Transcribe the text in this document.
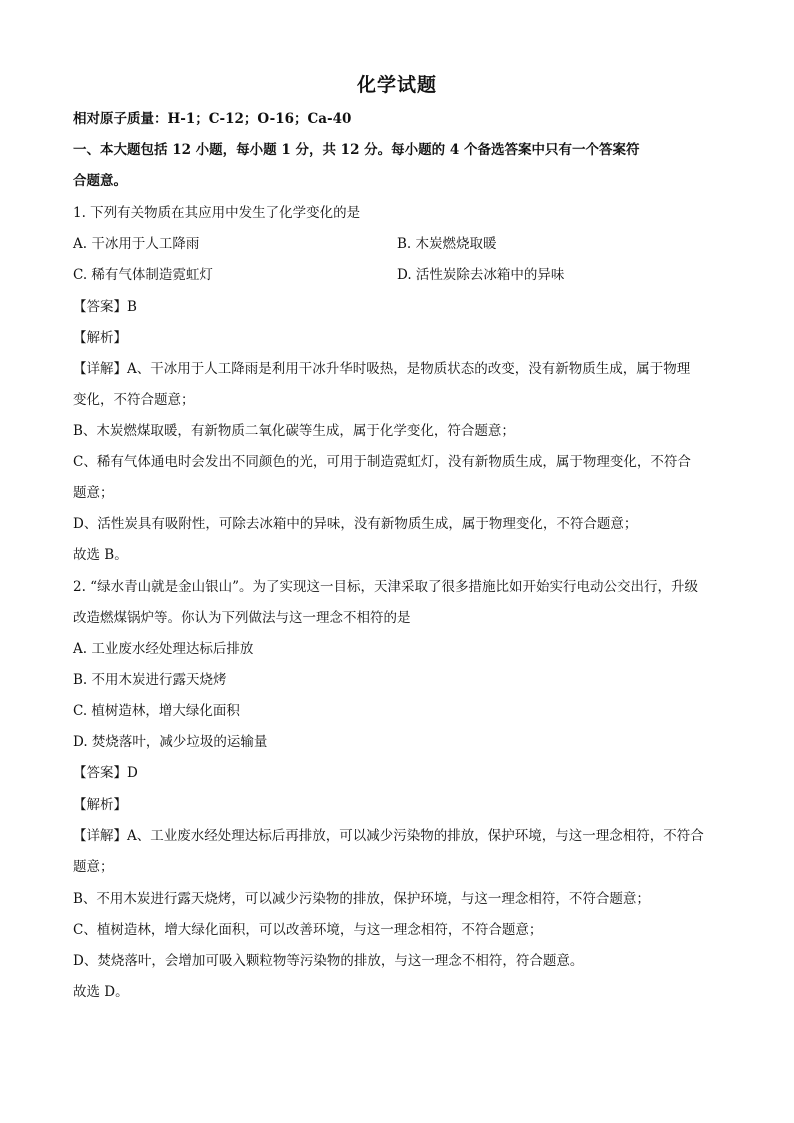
化学试题
相对原子质量：H-1；C-12；O-16；Ca-40
一、本大题包括 12 小题，每小题 1 分，共 12 分。每小题的 4 个备选答案中只有一个答案符
合题意。
1. 下列有关物质在其应用中发生了化学变化的是
A. 干冰用于人工降雨	B. 木炭燃烧取暖
C. 稀有气体制造霓虹灯	D. 活性炭除去冰箱中的异味
【答案】B
【解析】
【详解】A、干冰用于人工降雨是利用干冰升华时吸热，是物质状态的改变，没有新物质生成，属于物理
变化，不符合题意；
B、木炭燃煤取暖，有新物质二氧化碳等生成，属于化学变化，符合题意；
C、稀有气体通电时会发出不同颜色的光，可用于制造霓虹灯，没有新物质生成，属于物理变化，不符合
题意；
D、活性炭具有吸附性，可除去冰箱中的异味，没有新物质生成，属于物理变化，不符合题意；
故选 B。
2. “绿水青山就是金山银山”。为了实现这一目标，天津采取了很多措施比如开始实行电动公交出行，升级
改造燃煤锅炉等。你认为下列做法与这一理念不相符的是
A. 工业废水经处理达标后排放
B. 不用木炭进行露天烧烤
C. 植树造林，增大绿化面积
D. 焚烧落叶，减少垃圾的运输量
【答案】D
【解析】
【详解】A、工业废水经处理达标后再排放，可以减少污染物的排放，保护环境，与这一理念相符，不符合
题意；
B、不用木炭进行露天烧烤，可以减少污染物的排放，保护环境，与这一理念相符，不符合题意；
C、植树造林，增大绿化面积，可以改善环境，与这一理念相符，不符合题意；
D、焚烧落叶，会增加可吸入颗粒物等污染物的排放，与这一理念不相符，符合题意。
故选 D。
